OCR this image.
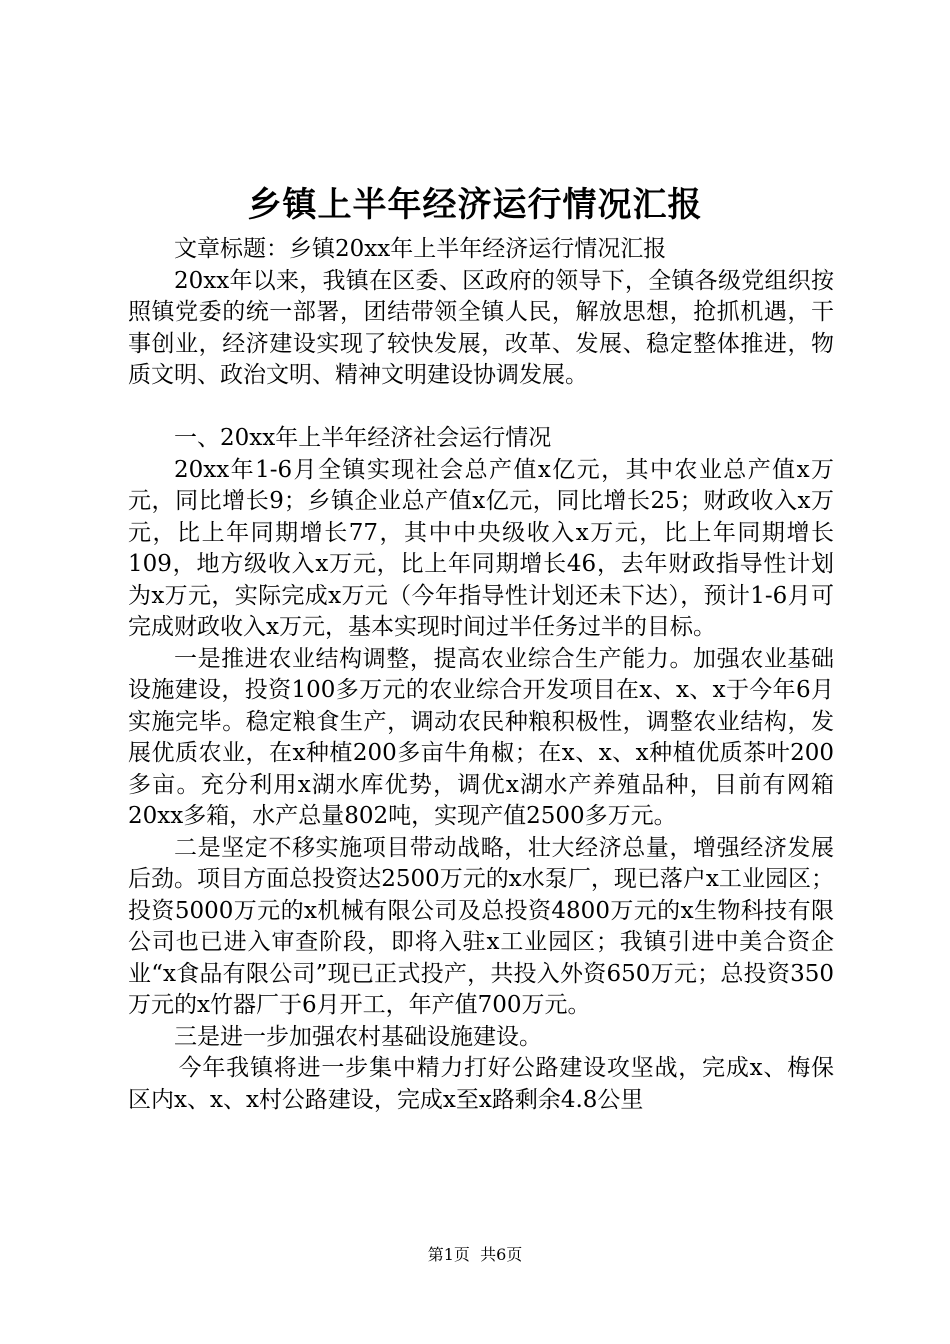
乡镇上半年经济运行情况汇报

文章标题：乡镇20xx年上半年经济运行情况汇报

20xx年以来，我镇在区委、区政府的领导下，全镇各级党组织按照镇党委的统一部署，团结带领全镇人民，解放思想，抢抓机遇，干事创业，经济建设实现了较快发展，改革、发展、稳定整体推进，物质文明、政治文明、精神文明建设协调发展。

一、20xx年上半年经济社会运行情况

20xx年1-6月全镇实现社会总产值x亿元，其中农业总产值x万元，同比增长9；乡镇企业总产值x亿元，同比增长25；财政收入x万元，比上年同期增长77，其中中央级收入x万元，比上年同期增长109，地方级收入x万元，比上年同期增长46，去年财政指导性计划为x万元，实际完成x万元（今年指导性计划还未下达），预计1-6月可完成财政收入x万元，基本实现时间过半任务过半的目标。

一是推进农业结构调整，提高农业综合生产能力。加强农业基础设施建设，投资100多万元的农业综合开发项目在x、x、x于今年6月实施完毕。稳定粮食生产，调动农民种粮积极性，调整农业结构，发展优质农业，在x种植200多亩牛角椒；在x、x、x种植优质茶叶200多亩。充分利用x湖水库优势，调优x湖水产养殖品种，目前有网箱20xx多箱，水产总量802吨，实现产值2500多万元。

二是坚定不移实施项目带动战略，壮大经济总量，增强经济发展后劲。项目方面总投资达2500万元的x水泵厂，现已落户x工业园区；投资5000万元的x机械有限公司及总投资4800万元的x生物科技有限公司也已进入审查阶段，即将入驻x工业园区；我镇引进中美合资企业“x食品有限公司”现已正式投产，共投入外资650万元；总投资350万元的x竹器厂于6月开工，年产值700万元。

三是进一步加强农村基础设施建设。

今年我镇将进一步集中精力打好公路建设攻坚战，完成x、梅保区内x、x、x村公路建设，完成x至x路剩余4.8公里

第1页 共6页
